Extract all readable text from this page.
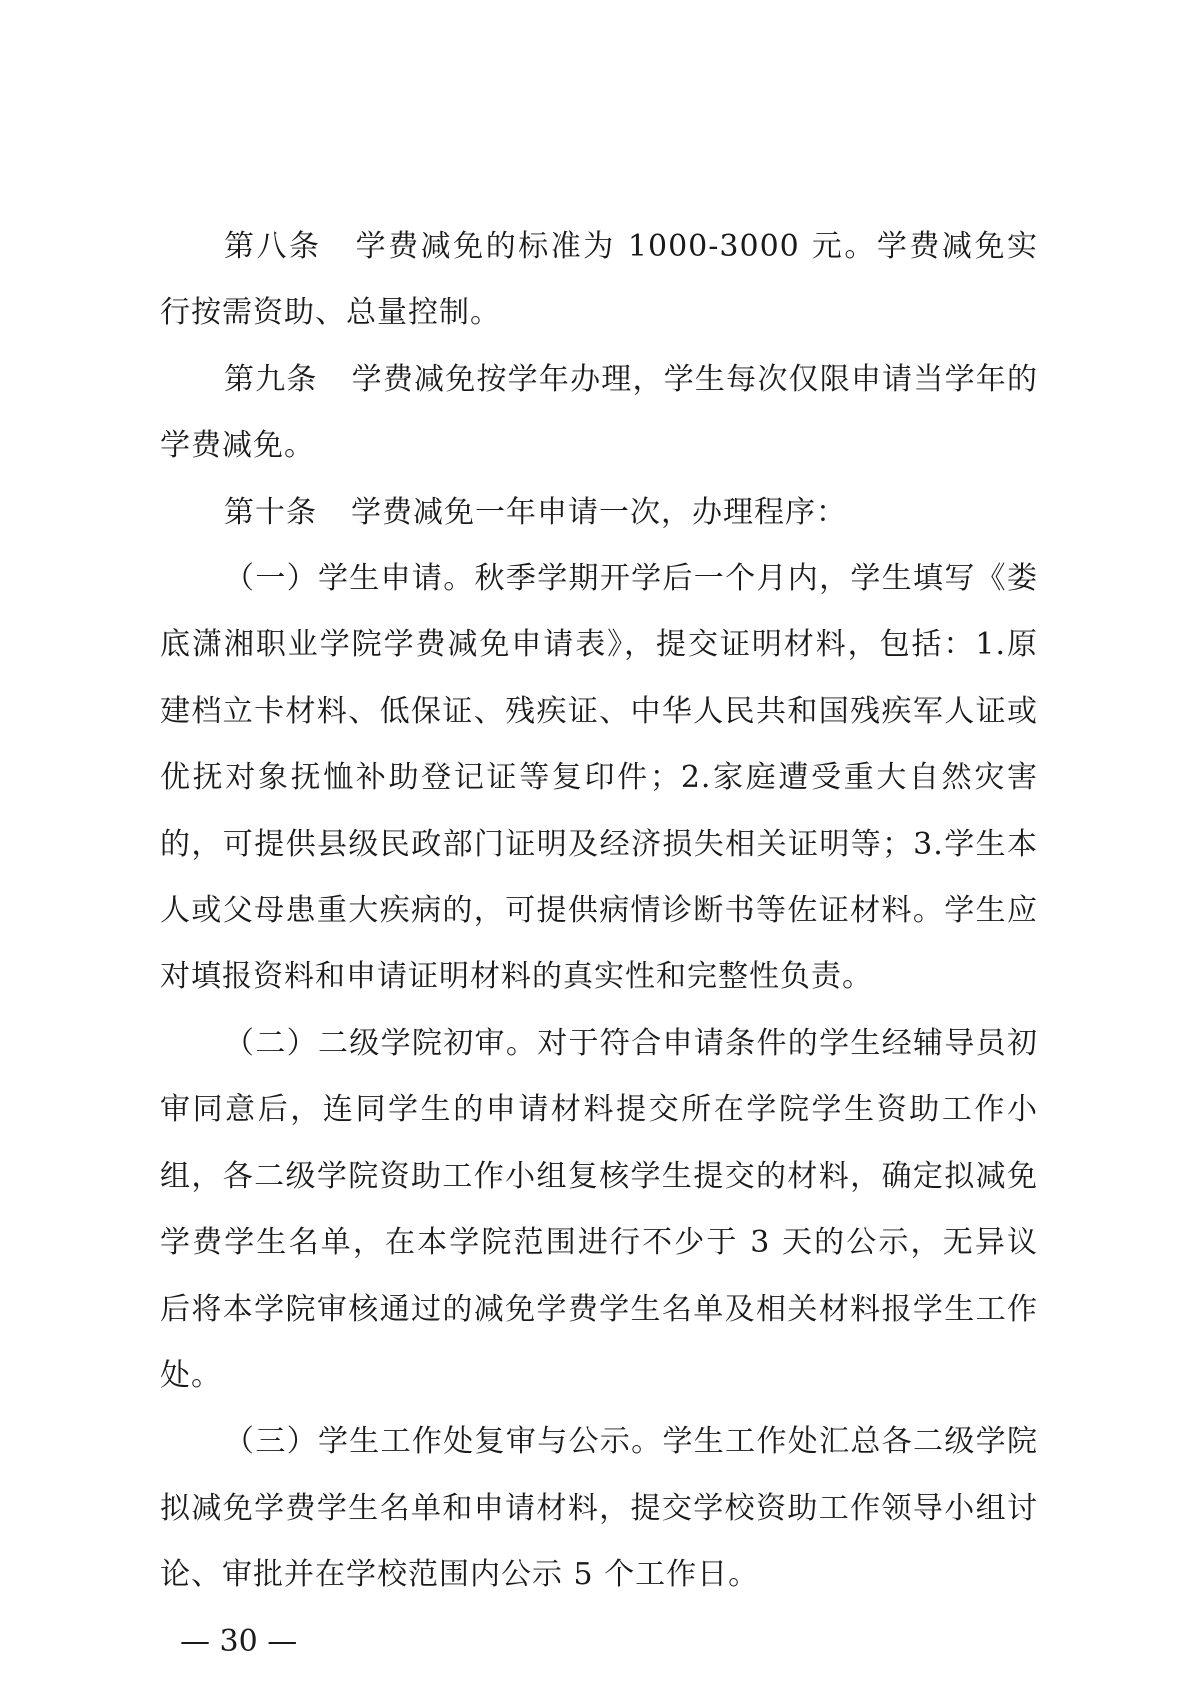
第八条 学费减免的标准为 1000-3000 元。学费减免实行按需资助、总量控制。

第九条 学费减免按学年办理，学生每次仅限申请当学年的学费减免。

第十条 学费减免一年申请一次，办理程序：

（一）学生申请。秋季学期开学后一个月内，学生填写《娄底潇湘职业学院学费减免申请表》，提交证明材料，包括：1.原建档立卡材料、低保证、残疾证、中华人民共和国残疾军人证或优抚对象抚恤补助登记证等复印件；2.家庭遭受重大自然灾害的，可提供县级民政部门证明及经济损失相关证明等；3.学生本人或父母患重大疾病的，可提供病情诊断书等佐证材料。学生应对填报资料和申请证明材料的真实性和完整性负责。

（二）二级学院初审。对于符合申请条件的学生经辅导员初审同意后，连同学生的申请材料提交所在学院学生资助工作小组，各二级学院资助工作小组复核学生提交的材料，确定拟减免学费学生名单，在本学院范围进行不少于 3 天的公示，无异议后将本学院审核通过的减免学费学生名单及相关材料报学生工作处。

（三）学生工作处复审与公示。学生工作处汇总各二级学院拟减免学费学生名单和申请材料，提交学校资助工作领导小组讨论、审批并在学校范围内公示 5 个工作日。

— 30 —
